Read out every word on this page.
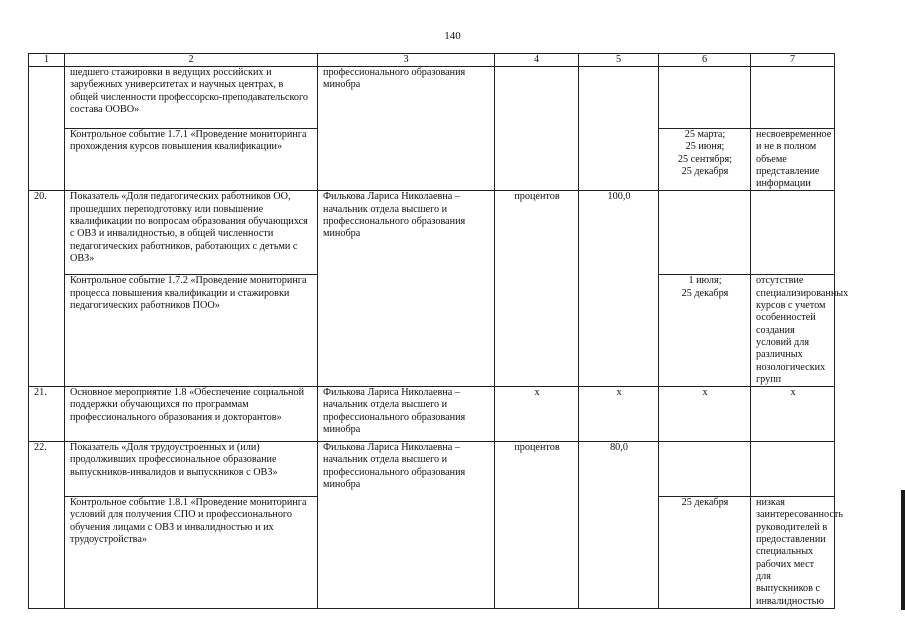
140
1	2	3	4	5	6	7
	шедшего стажировки в ведущих российских и зарубежных университетах и научных центрах, в общей численности профессорско-преподавательского состава ООВО»	профессионального образования минобра				
	Контрольное событие 1.7.1 «Проведение мониторинга прохождения курсов повышения квалификации»				25 марта;
25 июня;
25 сентября;
25 декабря	несвоевременное и не в полном объеме представление информации
20.	Показатель «Доля педагогических работников ОО, прошедших переподготовку или повышение квалификации по вопросам образования обучающихся с ОВЗ и инвалидностью, в общей численности педагогических работников, работающих с детьми с ОВЗ»	Филькова Лариса Николаевна – начальник отдела высшего и профессионального образования минобра	процентов	100,0		
	Контрольное событие 1.7.2 «Проведение мониторинга процесса повышения квалификации и стажировки педагогических работников ПОО»				1 июля;
25 декабря	отсутствие специализированных курсов с учетом особенностей создания условий для различных нозологических групп
21.	Основное мероприятие 1.8 «Обеспечение социальной поддержки обучающихся по программам профессионального образования и докторантов»	Филькова Лариса Николаевна – начальник отдела высшего и профессионального образования минобра	х	х	х	х
22.	Показатель «Доля трудоустроенных и (или) продолживших профессиональное образование выпускников-инвалидов и выпускников с ОВЗ»	Филькова Лариса Николаевна – начальник отдела высшего и профессионального образования минобра	процентов	80,0		
	Контрольное событие 1.8.1 «Проведение мониторинга условий для получения СПО и профессионального обучения лицами с ОВЗ и инвалидностью и их трудоустройства»				25 декабря	низкая заинтересованность руководителей в предоставлении специальных рабочих мест для выпускников с инвалидностью
